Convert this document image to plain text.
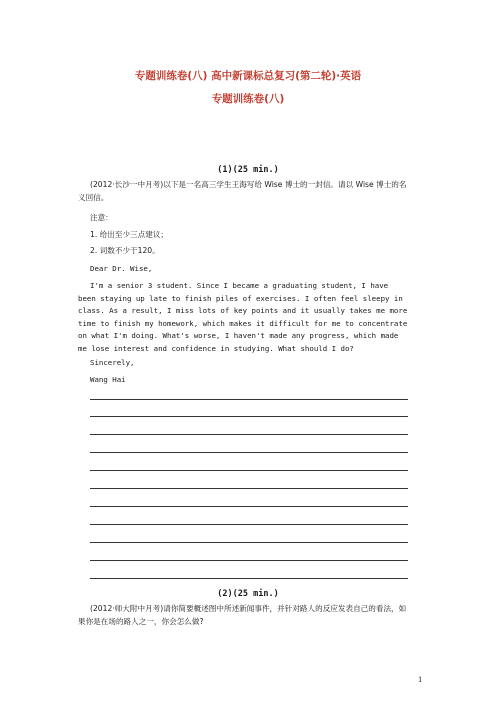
专题训练卷(八) 高中新课标总复习(第二轮)·英语
专题训练卷(八)
(1)(25 min.)
(2012·长沙一中月考)以下是一名高三学生王海写给 Wise 博士的一封信。请以 Wise 博士的名义回信。
注意：
1. 给出至少三点建议；
2. 词数不少于120。
Dear Dr. Wise,
I'm a senior 3 student. Since I became a graduating student, I have been staying up late to finish piles of exercises. I often feel sleepy in class. As a result, I miss lots of key points and it usually takes me more time to finish my homework, which makes it difficult for me to concentrate on what I'm doing. What's worse, I haven't made any progress, which made me lose interest and confidence in studying. What should I do?
Sincerely,
Wang Hai
(2)(25 min.)
(2012·师大附中月考)请你简要概述图中所述新闻事件，并针对路人的反应发表自己的看法，如果你是在场的路人之一，你会怎么做?
1
